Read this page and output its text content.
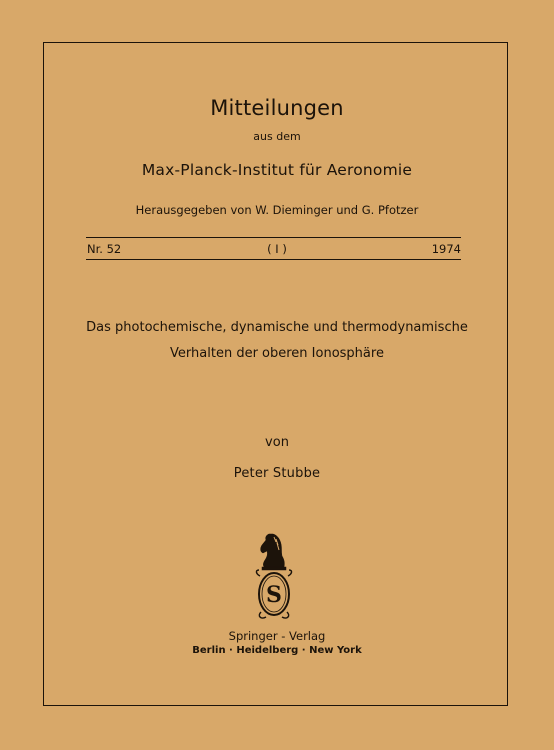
Mitteilungen
aus dem
Max-Planck-Institut für Aeronomie
Herausgegeben von W. Dieminger und G. Pfotzer
Nr. 52	( I )	1974
Das photochemische, dynamische und thermodynamische
Verhalten der oberen Ionosphäre
von
Peter Stubbe
S
Springer - Verlag
Berlin · Heidelberg · New York
